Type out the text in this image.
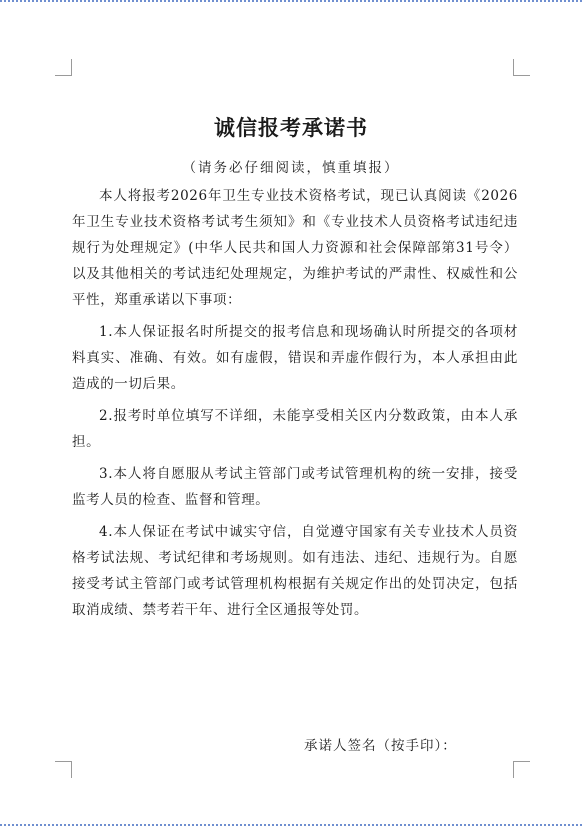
诚信报考承诺书

（请务必仔细阅读，慎重填报）

本人将报考2026年卫生专业技术资格考试，现已认真阅读《2026年卫生专业技术资格考试考生须知》和《专业技术人员资格考试违纪违规行为处理规定》(中华人民共和国人力资源和社会保障部第31号令）以及其他相关的考试违纪处理规定，为维护考试的严肃性、权威性和公平性，郑重承诺以下事项：

1.本人保证报名时所提交的报考信息和现场确认时所提交的各项材料真实、准确、有效。如有虚假，错误和弄虚作假行为，本人承担由此造成的一切后果。

2.报考时单位填写不详细，未能享受相关区内分数政策，由本人承担。

3.本人将自愿服从考试主管部门或考试管理机构的统一安排，接受监考人员的检查、监督和管理。

4.本人保证在考试中诚实守信，自觉遵守国家有关专业技术人员资格考试法规、考试纪律和考场规则。如有违法、违纪、违规行为。自愿接受考试主管部门或考试管理机构根据有关规定作出的处罚决定，包括取消成绩、禁考若干年、进行全区通报等处罚。

承诺人签名（按手印）：
